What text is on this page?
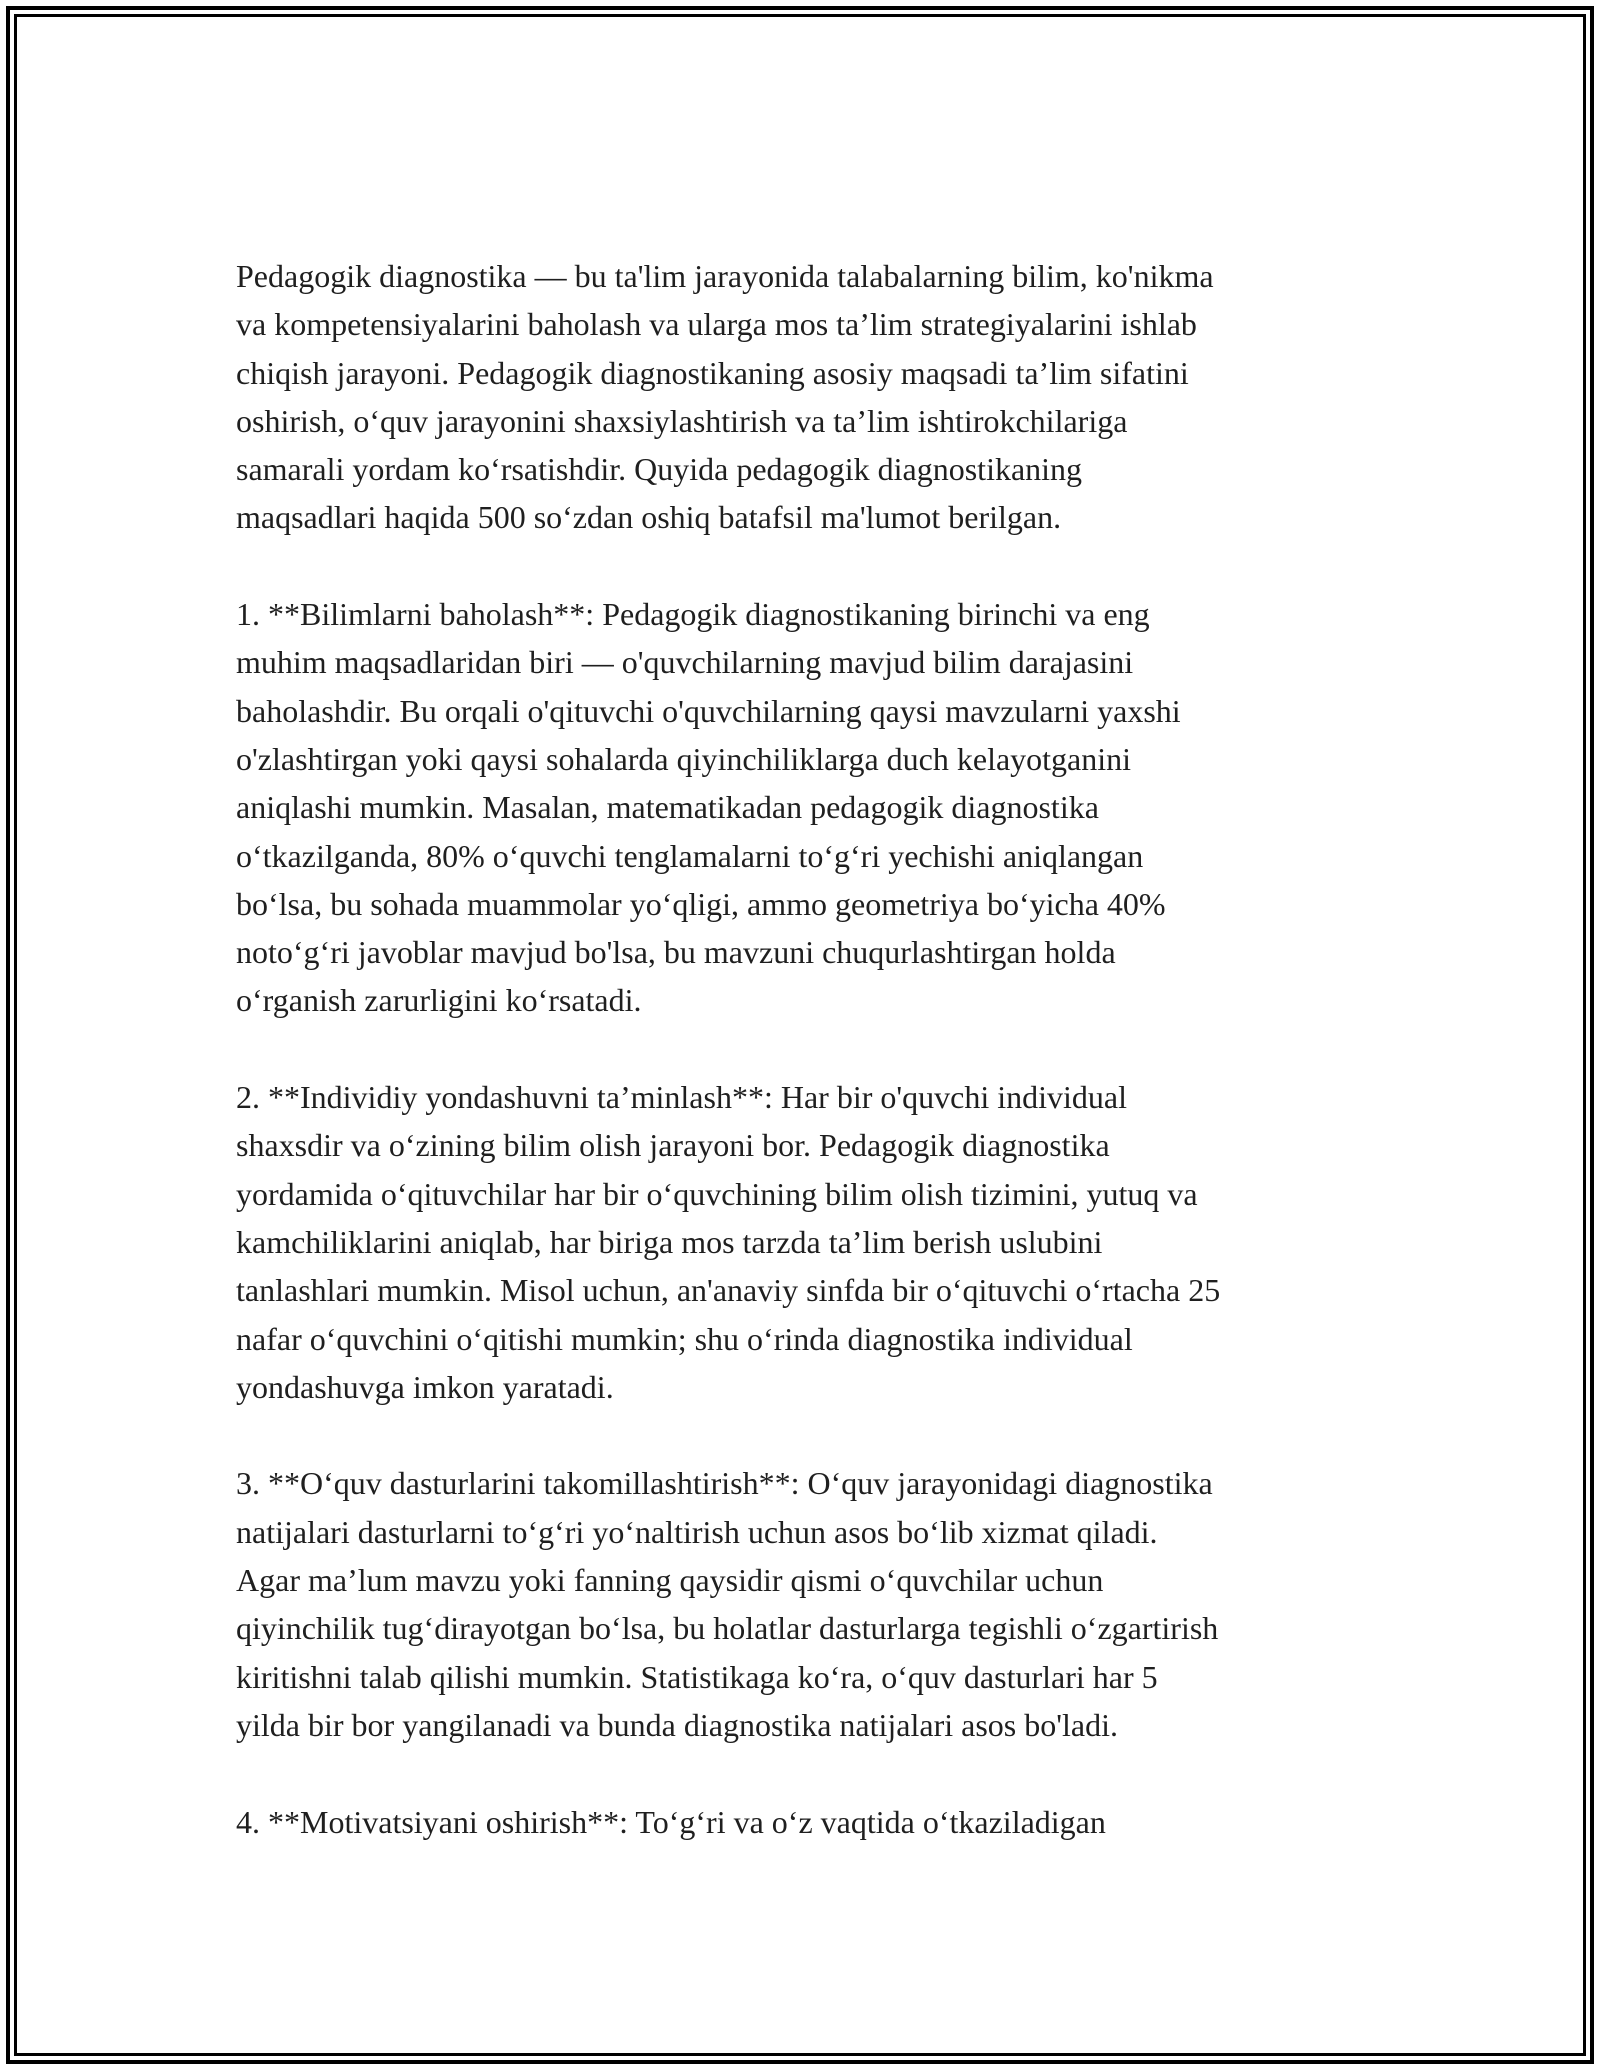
Pedagogik diagnostika — bu ta'lim jarayonida talabalarning bilim, ko'nikma
va kompetensiyalarini baholash va ularga mos ta’lim strategiyalarini ishlab
chiqish jarayoni. Pedagogik diagnostikaning asosiy maqsadi ta’lim sifatini
oshirish, o‘quv jarayonini shaxsiylashtirish va ta’lim ishtirokchilariga
samarali yordam ko‘rsatishdir. Quyida pedagogik diagnostikaning
maqsadlari haqida 500 so‘zdan oshiq batafsil ma'lumot berilgan.

1. **Bilimlarni baholash**: Pedagogik diagnostikaning birinchi va eng
muhim maqsadlaridan biri — o'quvchilarning mavjud bilim darajasini
baholashdir. Bu orqali o'qituvchi o'quvchilarning qaysi mavzularni yaxshi
o'zlashtirgan yoki qaysi sohalarda qiyinchiliklarga duch kelayotganini
aniqlashi mumkin. Masalan, matematikadan pedagogik diagnostika
o‘tkazilganda, 80% o‘quvchi tenglamalarni to‘g‘ri yechishi aniqlangan
bo‘lsa, bu sohada muammolar yo‘qligi, ammo geometriya bo‘yicha 40%
noto‘g‘ri javoblar mavjud bo'lsa, bu mavzuni chuqurlashtirgan holda
o‘rganish zarurligini ko‘rsatadi.

2. **Individiy yondashuvni ta’minlash**: Har bir o'quvchi individual
shaxsdir va o‘zining bilim olish jarayoni bor. Pedagogik diagnostika
yordamida o‘qituvchilar har bir o‘quvchining bilim olish tizimini, yutuq va
kamchiliklarini aniqlab, har biriga mos tarzda ta’lim berish uslubini
tanlashlari mumkin. Misol uchun, an'anaviy sinfda bir o‘qituvchi o‘rtacha 25
nafar o‘quvchini o‘qitishi mumkin; shu o‘rinda diagnostika individual
yondashuvga imkon yaratadi.

3. **O‘quv dasturlarini takomillashtirish**: O‘quv jarayonidagi diagnostika
natijalari dasturlarni to‘g‘ri yo‘naltirish uchun asos bo‘lib xizmat qiladi.
Agar ma’lum mavzu yoki fanning qaysidir qismi o‘quvchilar uchun
qiyinchilik tug‘dirayotgan bo‘lsa, bu holatlar dasturlarga tegishli o‘zgartirish
kiritishni talab qilishi mumkin. Statistikaga ko‘ra, o‘quv dasturlari har 5
yilda bir bor yangilanadi va bunda diagnostika natijalari asos bo'ladi.

4. **Motivatsiyani oshirish**: To‘g‘ri va o‘z vaqtida o‘tkaziladigan
